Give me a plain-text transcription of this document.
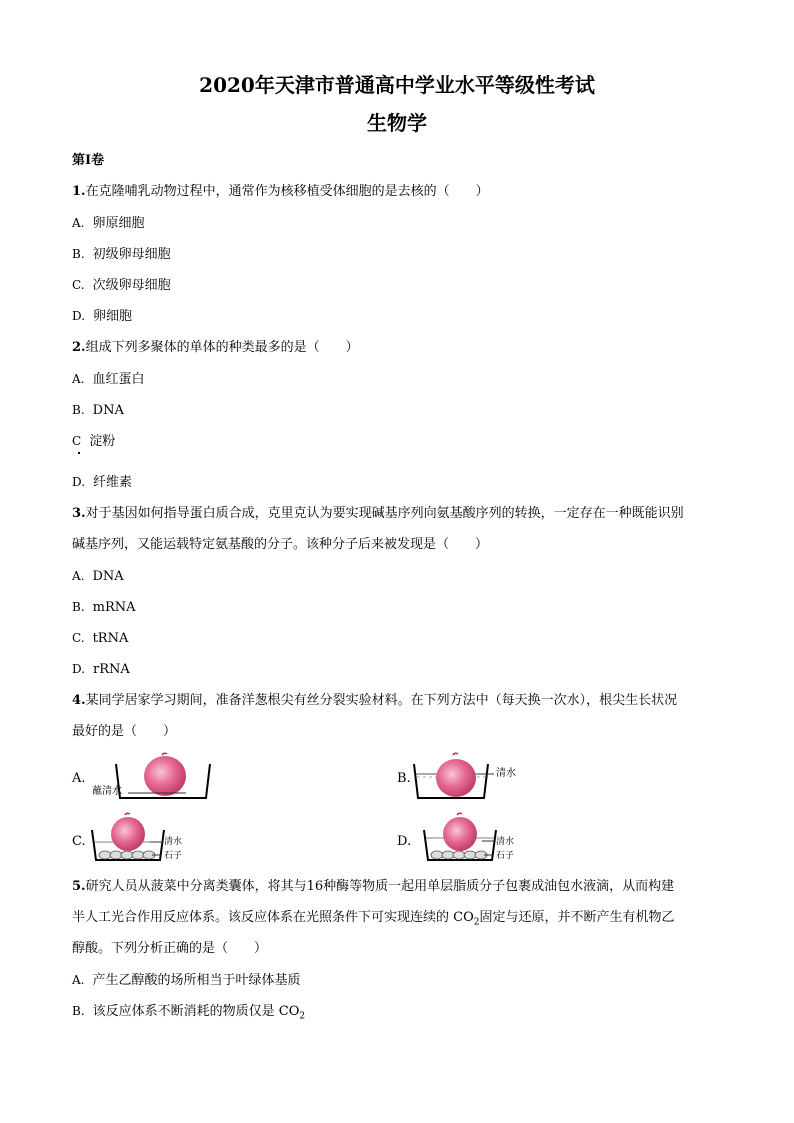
2020年天津市普通高中学业水平等级性考试
生物学
第Ⅰ卷
1.在克隆哺乳动物过程中，通常作为核移植受体细胞的是去核的（　　）
A. 卵原细胞
B. 初级卵母细胞
C. 次级卵母细胞
D. 卵细胞
2.组成下列多聚体的单体的种类最多的是（　　）
A. 血红蛋白
B. DNA
C 淀粉
D. 纤维素
3.对于基因如何指导蛋白质合成，克里克认为要实现碱基序列向氨基酸序列的转换，一定存在一种既能识别
碱基序列，又能运载特定氨基酸的分子。该种分子后来被发现是（　　）
A. DNA
B. mRNA
C. tRNA
D. rRNA
4.某同学居家学习期间，准备洋葱根尖有丝分裂实验材料。在下列方法中（每天换一次水），根尖生长状况
最好的是（　　）
A.
蘸清水
B.	清水
C.	清水
石子
D.	清水
石子
5.研究人员从菠菜中分离类囊体，将其与16种酶等物质一起用单层脂质分子包裹成油包水液滴，从而构建
半人工光合作用反应体系。该反应体系在光照条件下可实现连续的 $CO_2$固定与还原，并不断产生有机物乙
醇酸。下列分析正确的是（　　）
A. 产生乙醇酸的场所相当于叶绿体基质
B. 该反应体系不断消耗的物质仅是 $CO_2$
